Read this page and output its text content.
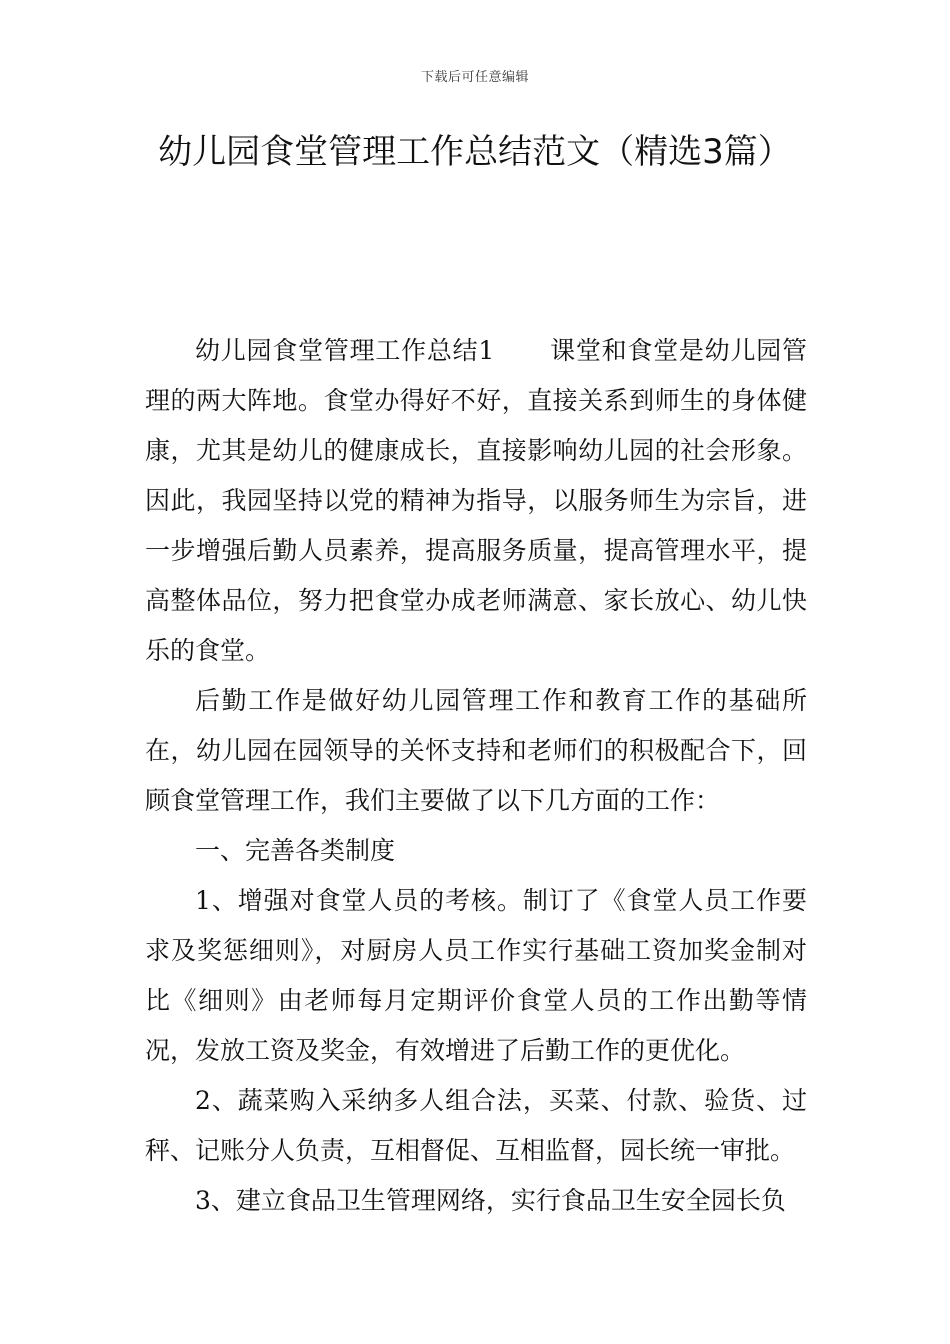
下载后可任意编辑
幼儿园食堂管理工作总结范文（精选3篇）

幼儿园食堂管理工作总结1 课堂和食堂是幼儿园管理的两大阵地。食堂办得好不好，直接关系到师生的身体健康，尤其是幼儿的健康成长，直接影响幼儿园的社会形象。因此，我园坚持以党的精神为指导，以服务师生为宗旨，进一步增强后勤人员素养，提高服务质量，提高管理水平，提高整体品位，努力把食堂办成老师满意、家长放心、幼儿快乐的食堂。

后勤工作是做好幼儿园管理工作和教育工作的基础所在，幼儿园在园领导的关怀支持和老师们的积极配合下，回顾食堂管理工作，我们主要做了以下几方面的工作：

一、完善各类制度

1、增强对食堂人员的考核。制订了《食堂人员工作要求及奖惩细则》，对厨房人员工作实行基础工资加奖金制对比《细则》由老师每月定期评价食堂人员的工作出勤等情况，发放工资及奖金，有效增进了后勤工作的更优化。

2、蔬菜购入采纳多人组合法，买菜、付款、验货、过秤、记账分人负责，互相督促、互相监督，园长统一审批。

3、建立食品卫生管理网络，实行食品卫生安全园长负
